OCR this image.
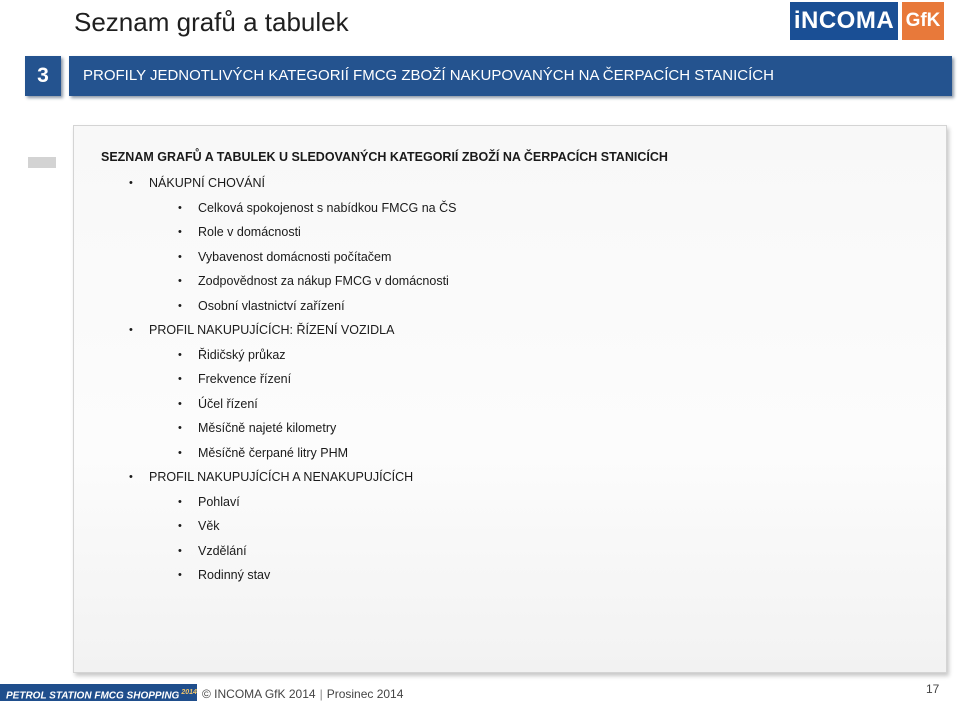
Seznam grafů a tabulek	iNCOMA GfK
3	PROFILY JEDNOTLIVÝCH KATEGORIÍ FMCG ZBOŽÍ NAKUPOVANÝCH NA ČERPACÍCH STANICÍCH
SEZNAM GRAFŮ A TABULEK U SLEDOVANÝCH KATEGORIÍ ZBOŽÍ NA ČERPACÍCH STANICÍCH
• NÁKUPNÍ CHOVÁNÍ
• Celková spokojenost s nabídkou FMCG na ČS
• Role v domácnosti
• Vybavenost domácnosti počítačem
• Zodpovědnost za nákup FMCG v domácnosti
• Osobní vlastnictví zařízení
• PROFIL NAKUPUJÍCÍCH: ŘÍZENÍ VOZIDLA
• Řidičský průkaz
• Frekvence řízení
• Účel řízení
• Měsíčně najeté kilometry
• Měsíčně čerpané litry PHM
• PROFIL NAKUPUJÍCÍCH A NENAKUPUJÍCÍCH
• Pohlaví
• Věk
• Vzdělání
• Rodinný stav
PETROL STATION FMCG SHOPPING $^{2014}$ © INCOMA GfK 2014 | Prosinec 2014	17
